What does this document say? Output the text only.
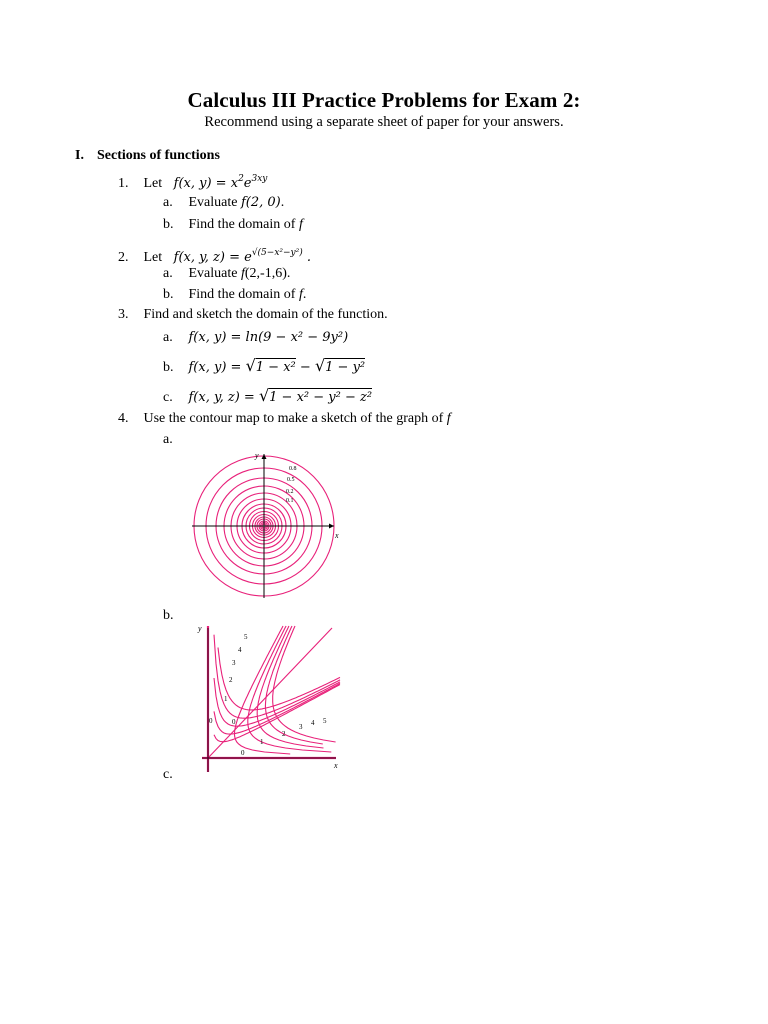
Calculus III Practice Problems for Exam 2:
Recommend using a separate sheet of paper for your answers.
I. Sections of functions
1. Let f(x, $y) = x^2e^{3xy}$
a. Evaluate f(2, 0).
b. Find the domain of f
2. Let f(x, y, $z) = e^{√(5-x^2-y^2)}$ .
a. Evaluate f(2,-1,6).
b. Find the domain of f.
3. Find and sketch the domain of the function.
a. f(x, y) = ln(9 − x² − 9y²)
b. f(x, y) = √1 − x² − √1 − y²
c. f(x, y, z) = √1 − x² − y² − z²
4. Use the contour map to make a sketch of the graph of f
a.
x
y
0.8
0.5
0.2
0.1
b.
y
x
5
4
3
2
1
0	0
0
1
2
3 4 5
c.
